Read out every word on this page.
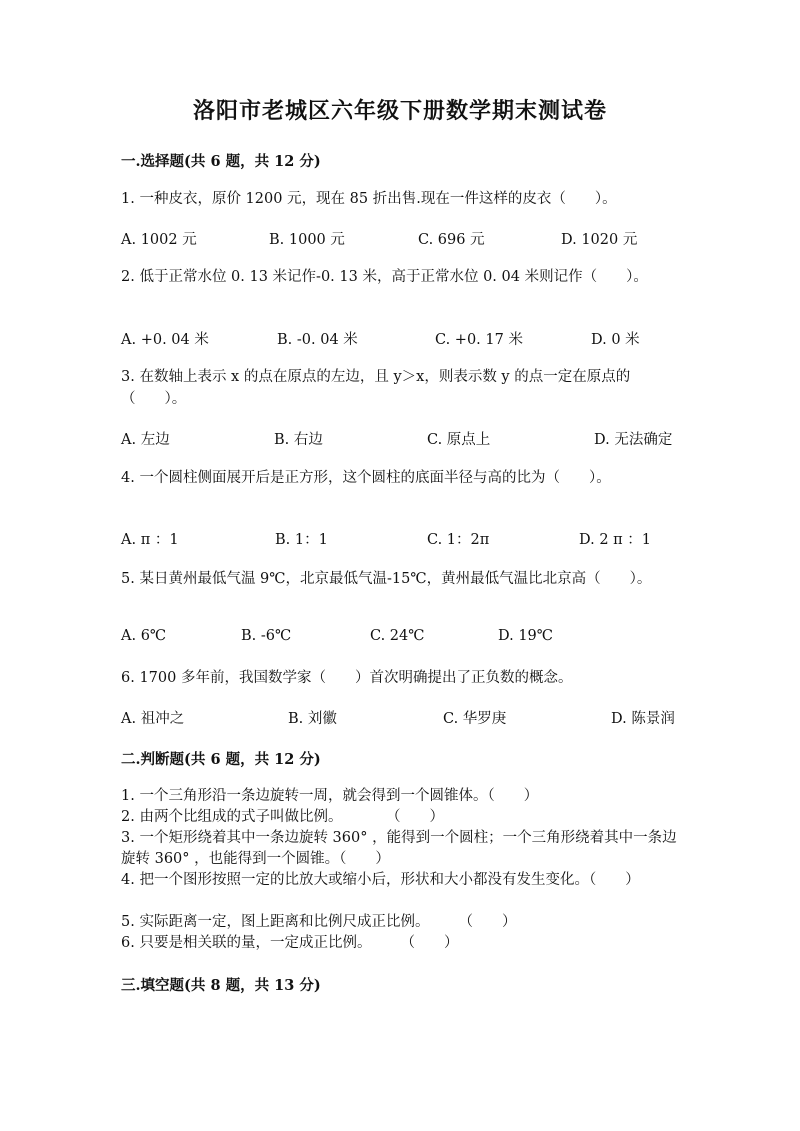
洛阳市老城区六年级下册数学期末测试卷
一.选择题(共 6 题，共 12 分)
1. 一种皮衣，原价 1200 元，现在 85 折出售.现在一件这样的皮衣（　　）。
A. 1002 元	B. 1000 元	C. 696 元	D. 1020 元
2. 低于正常水位 0. 13 米记作-0. 13 米，高于正常水位 0. 04 米则记作（　　）。
A. +0. 04 米	B. -0. 04 米	C. +0. 17 米	D. 0 米
3. 在数轴上表示 x 的点在原点的左边，且 y＞x，则表示数 y 的点一定在原点的（　　）。
A. 左边	B. 右边	C. 原点上	D. 无法确定
4. 一个圆柱侧面展开后是正方形，这个圆柱的底面半径与高的比为（　　）。
A. π ：1	B. 1：1	C. 1：2π	D. 2 π ：1
5. 某日黄州最低气温 9℃，北京最低气温-15℃，黄州最低气温比北京高（　　）。
A. 6℃	B. -6℃	C. 24℃	D. 19℃
6. 1700 多年前，我国数学家（　　）首次明确提出了正负数的概念。
A. 祖冲之	B. 刘徽	C. 华罗庚	D. 陈景润
二.判断题(共 6 题，共 12 分)
1. 一个三角形沿一条边旋转一周，就会得到一个圆锥体。（　　）
2. 由两个比组成的式子叫做比例。　　　　（　　）
3. 一个矩形绕着其中一条边旋转 360° ，能得到一个圆柱；一个三角形绕着其中一条边旋转 360° ，也能得到一个圆锥。（　　）
4. 把一个图形按照一定的比放大或缩小后，形状和大小都没有发生变化。（　　）
5. 实际距离一定，图上距离和比例尺成正比例。　　　（　　）
6. 只要是相关联的量，一定成正比例。　　　（　　）
三.填空题(共 8 题，共 13 分)
